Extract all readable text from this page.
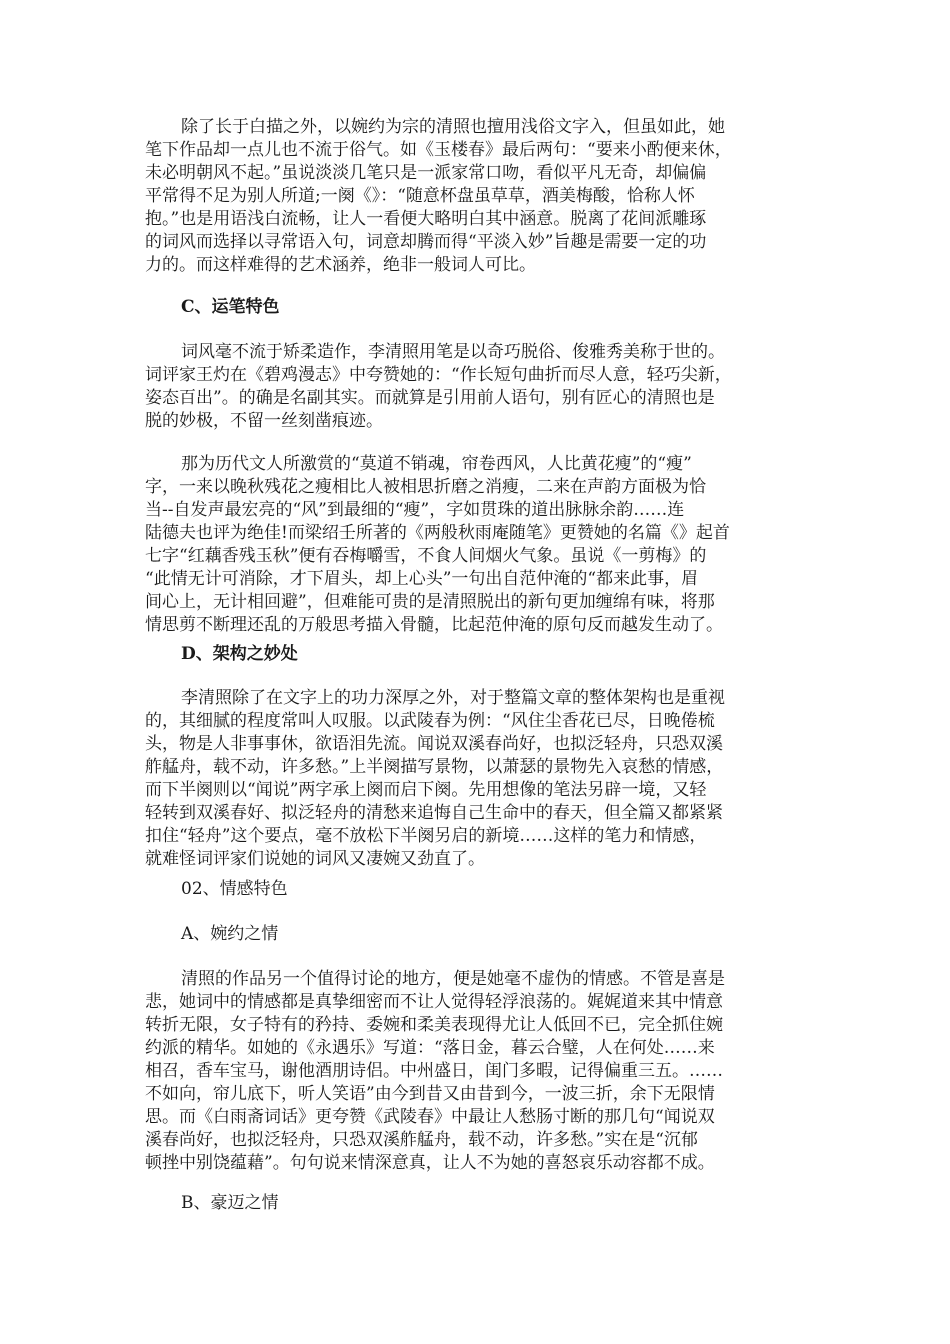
除了长于白描之外，以婉约为宗的清照也擅用浅俗文字入，但虽如此，她
笔下作品却一点儿也不流于俗气。如《玉楼春》最后两句：“要来小酌便来休，
未必明朝风不起。”虽说淡淡几笔只是一派家常口吻，看似平凡无奇，却偏偏
平常得不足为别人所道;一阕《》：“随意杯盘虽草草，酒美梅酸，恰称人怀
抱。”也是用语浅白流畅，让人一看便大略明白其中涵意。脱离了花间派雕琢
的词风而选择以寻常语入句，词意却腾而得“平淡入妙”旨趣是需要一定的功
力的。而这样难得的艺术涵养，绝非一般词人可比。
C、运笔特色
词风毫不流于矫柔造作，李清照用笔是以奇巧脱俗、俊雅秀美称于世的。
词评家王灼在《碧鸡漫志》中夸赞她的：“作长短句曲折而尽人意，轻巧尖新，
姿态百出”。的确是名副其实。而就算是引用前人语句，别有匠心的清照也是
脱的妙极，不留一丝刻凿痕迹。
那为历代文人所激赏的“莫道不销魂，帘卷西风，人比黄花瘦”的“瘦”
字，一来以晚秋残花之瘦相比人被相思折磨之消瘦，二来在声韵方面极为恰
当--自发声最宏亮的“风”到最细的“瘦”，字如贯珠的道出脉脉余韵……连
陆德夫也评为绝佳!而梁绍壬所著的《两般秋雨庵随笔》更赞她的名篇《》起首
七字“红藕香残玉秋”便有吞梅嚼雪，不食人间烟火气象。虽说《一剪梅》的
“此情无计可消除，才下眉头，却上心头”一句出自范仲淹的“都来此事，眉
间心上，无计相回避”，但难能可贵的是清照脱出的新句更加缠绵有味，将那
情思剪不断理还乱的万般思考描入骨髓，比起范仲淹的原句反而越发生动了。
D、架构之妙处
李清照除了在文字上的功力深厚之外，对于整篇文章的整体架构也是重视
的，其细腻的程度常叫人叹服。以武陵春为例：“风住尘香花已尽，日晚倦梳
头，物是人非事事休，欲语泪先流。闻说双溪春尚好，也拟泛轻舟，只恐双溪
舴艋舟，载不动，许多愁。”上半阕描写景物，以萧瑟的景物先入哀愁的情感，
而下半阕则以“闻说”两字承上阕而启下阕。先用想像的笔法另辟一境，又轻
轻转到双溪春好、拟泛轻舟的清愁来追悔自己生命中的春天，但全篇又都紧紧
扣住“轻舟”这个要点，毫不放松下半阕另启的新境……这样的笔力和情感，
就难怪词评家们说她的词风又凄婉又劲直了。
02、情感特色
A、婉约之情
清照的作品另一个值得讨论的地方，便是她毫不虚伪的情感。不管是喜是
悲，她词中的情感都是真挚细密而不让人觉得轻浮浪荡的。娓娓道来其中情意
转折无限，女子特有的矜持、委婉和柔美表现得尤让人低回不已，完全抓住婉
约派的精华。如她的《永遇乐》写道：“落日金，暮云合璧，人在何处……来
相召，香车宝马，谢他酒朋诗侣。中州盛日，闺门多暇，记得偏重三五。……
不如向，帘儿底下，听人笑语”由今到昔又由昔到今，一波三折，余下无限情
思。而《白雨斋词话》更夸赞《武陵春》中最让人愁肠寸断的那几句“闻说双
溪春尚好，也拟泛轻舟，只恐双溪舴艋舟，载不动，许多愁。”实在是“沉郁
顿挫中别饶蕴藉”。句句说来情深意真，让人不为她的喜怒哀乐动容都不成。
B、豪迈之情
